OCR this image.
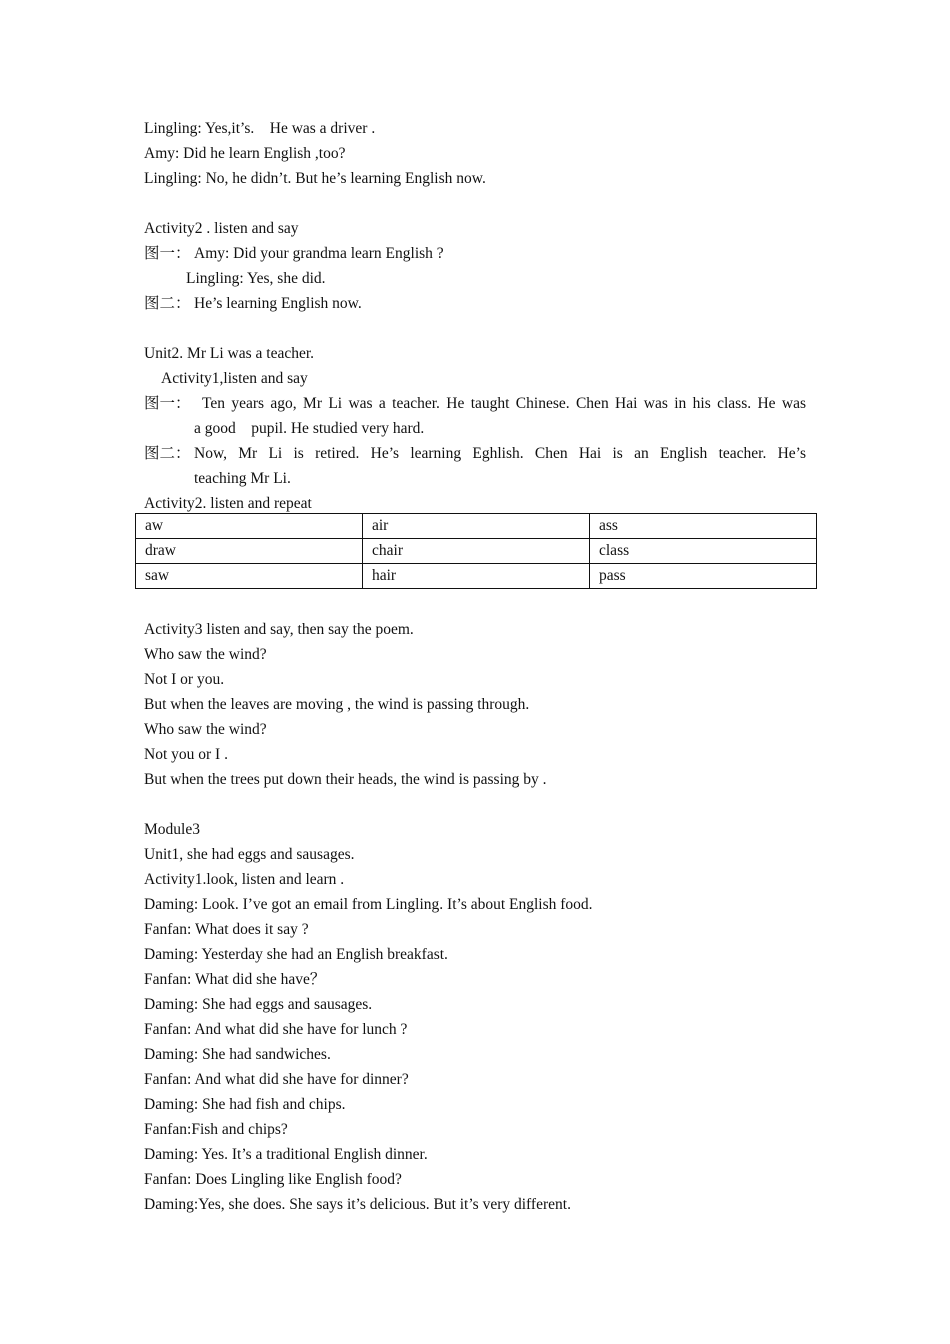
Lingling: Yes,it’s.    He was a driver .
Amy: Did he learn English ,too?
Lingling: No, he didn’t. But he’s learning English now.
Activity2 . listen and say
图一： Amy: Did your grandma learn English ?
Lingling: Yes, she did.
图二： He’s learning English now.
Unit2. Mr Li was a teacher.
Activity1,listen and say
图一： Ten years ago, Mr Li was a teacher. He taught Chinese. Chen Hai was in his class. He was
a good    pupil. He studied very hard.
图二： Now, Mr Li is retired. He’s learning Eghlish. Chen Hai is an English teacher. He’s
teaching Mr Li.
Activity2. listen and repeat
aw	air	ass
draw	chair	class
saw	hair	pass
Activity3 listen and say, then say the poem.
Who saw the wind?
Not I or you.
But when the leaves are moving , the wind is passing through.
Who saw the wind?
Not you or I .
But when the trees put down their heads, the wind is passing by .
Module3
Unit1, she had eggs and sausages.
Activity1.look, listen and learn .
Daming: Look. I’ve got an email from Lingling. It’s about English food.
Fanfan: What does it say ?
Daming: Yesterday she had an English breakfast.
Fanfan: What did she have？
Daming: She had eggs and sausages.
Fanfan: And what did she have for lunch ?
Daming: She had sandwiches.
Fanfan: And what did she have for dinner?
Daming: She had fish and chips.
Fanfan:Fish and chips?
Daming: Yes. It’s a traditional English dinner.
Fanfan: Does Lingling like English food?
Daming:Yes, she does. She says it’s delicious. But it’s very different.
